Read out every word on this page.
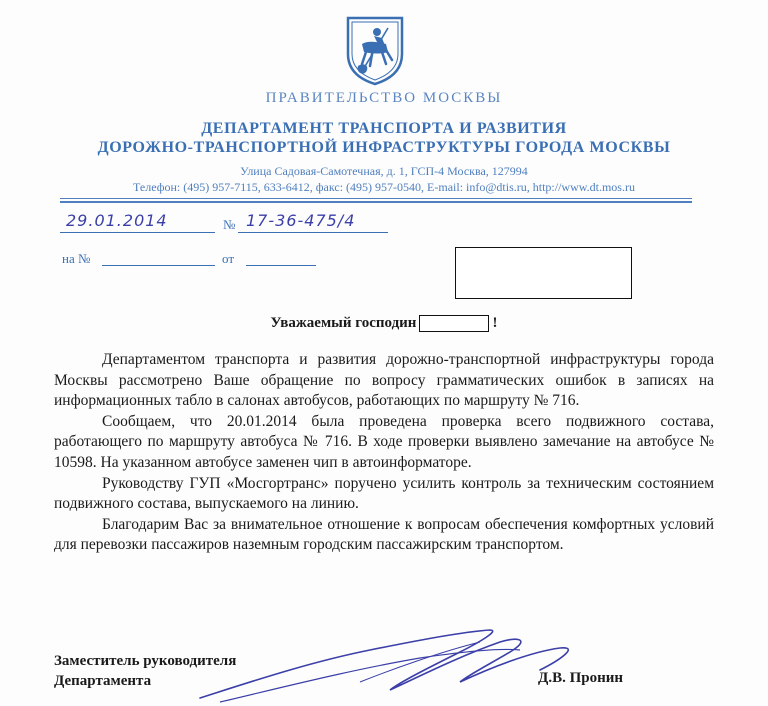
ПРАВИТЕЛЬСТВО МОСКВЫ
ДЕПАРТАМЕНТ ТРАНСПОРТА И РАЗВИТИЯ
ДОРОЖНО-ТРАНСПОРТНОЙ ИНФРАСТРУКТУРЫ ГОРОДА МОСКВЫ
Улица Садовая-Самотечная, д. 1, ГСП-4 Москва, 127994
Телефон: (495) 957-7115, 633-6412, факс: (495) 957-0540, E-mail: info@dtis.ru, http://www.dt.mos.ru
29.01.2014	№ 17-36-475/4
на №	от
Уважаемый господин	!

Департаментом транспорта и развития дорожно-транспортной инфраструктуры города Москвы рассмотрено Ваше обращение по вопросу грамматических ошибок в записях на информационных табло в салонах автобусов, работающих по маршруту № 716.

Сообщаем, что 20.01.2014 была проведена проверка всего подвижного состава, работающего по маршруту автобуса № 716. В ходе проверки выявлено замечание на автобусе № 10598. На указанном автобусе заменен чип в автоинформаторе.

Руководству ГУП «Мосгортранс» поручено усилить контроль за техническим состоянием подвижного состава, выпускаемого на линию.

Благодарим Вас за внимательное отношение к вопросам обеспечения комфортных условий для перевозки пассажиров наземным городским пассажирским транспортом.

Заместитель руководителя
Департамента	Д.В. Пронин
